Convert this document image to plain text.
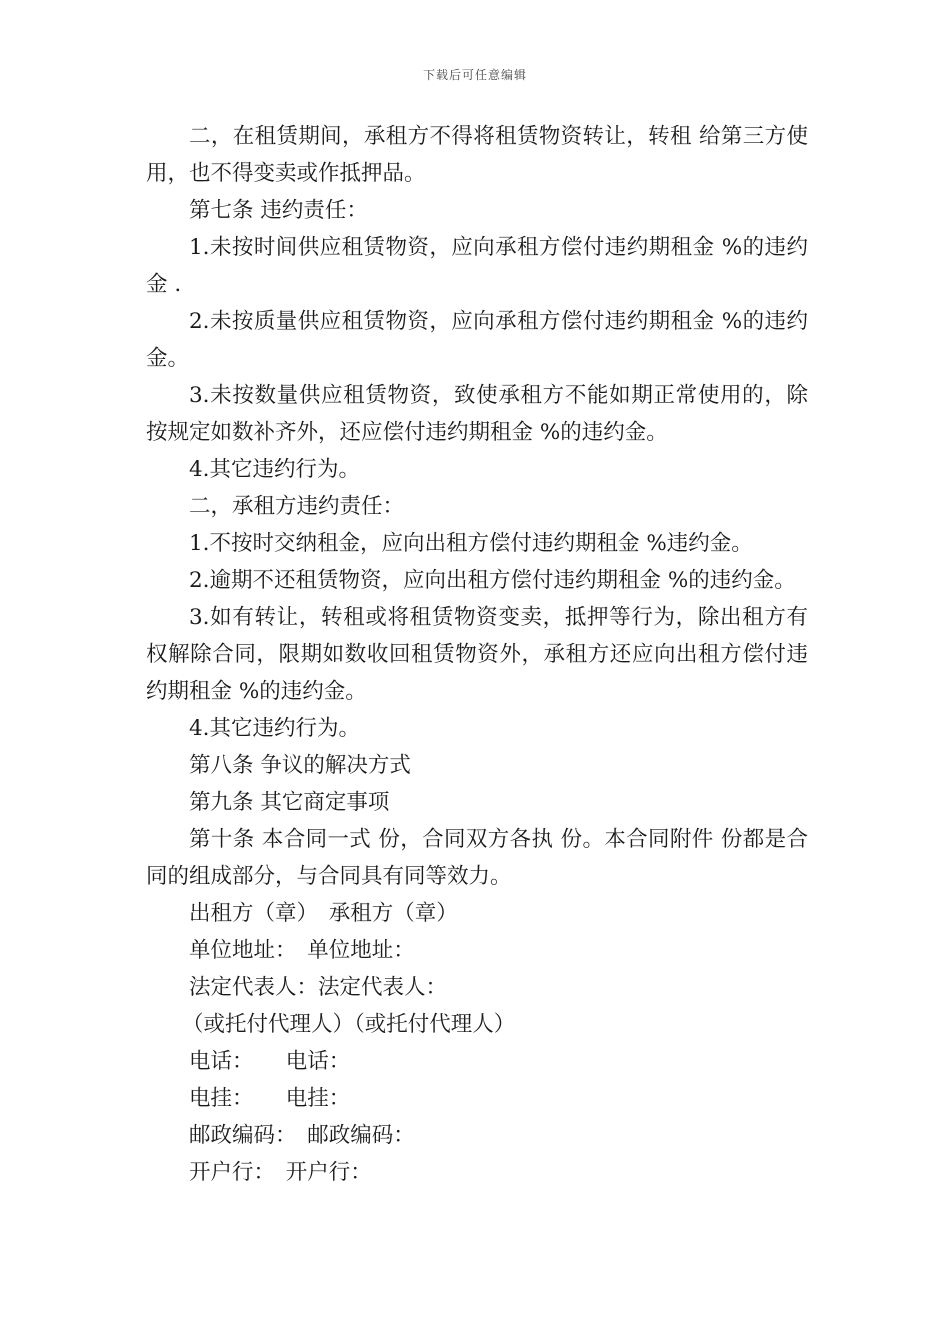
下载后可任意编辑

二，在租赁期间，承租方不得将租赁物资转让，转租 给第三方使用，也不得变卖或作抵押品。

第七条 违约责任：

1.未按时间供应租赁物资，应向承租方偿付违约期租金 %的违约金 .

2.未按质量供应租赁物资，应向承租方偿付违约期租金 %的违约金。

3.未按数量供应租赁物资，致使承租方不能如期正常使用的，除按规定如数补齐外，还应偿付违约期租金 %的违约金。

4.其它违约行为。

二，承租方违约责任：

1.不按时交纳租金，应向出租方偿付违约期租金 %违约金。

2.逾期不还租赁物资，应向出租方偿付违约期租金 %的违约金。

3.如有转让，转租或将租赁物资变卖，抵押等行为，除出租方有权解除合同，限期如数收回租赁物资外，承租方还应向出租方偿付违约期租金 %的违约金。

4.其它违约行为。

第八条 争议的解决方式

第九条 其它商定事项

第十条 本合同一式 份，合同双方各执 份。本合同附件 份都是合同的组成部分，与合同具有同等效力。

出租方（章）　承租方（章）

单位地址：　单位地址：

法定代表人：法定代表人：

（或托付代理人）（或托付代理人）

电话：　　电话：

电挂：　　电挂：

邮政编码：　邮政编码：

开户行：　开户行：
